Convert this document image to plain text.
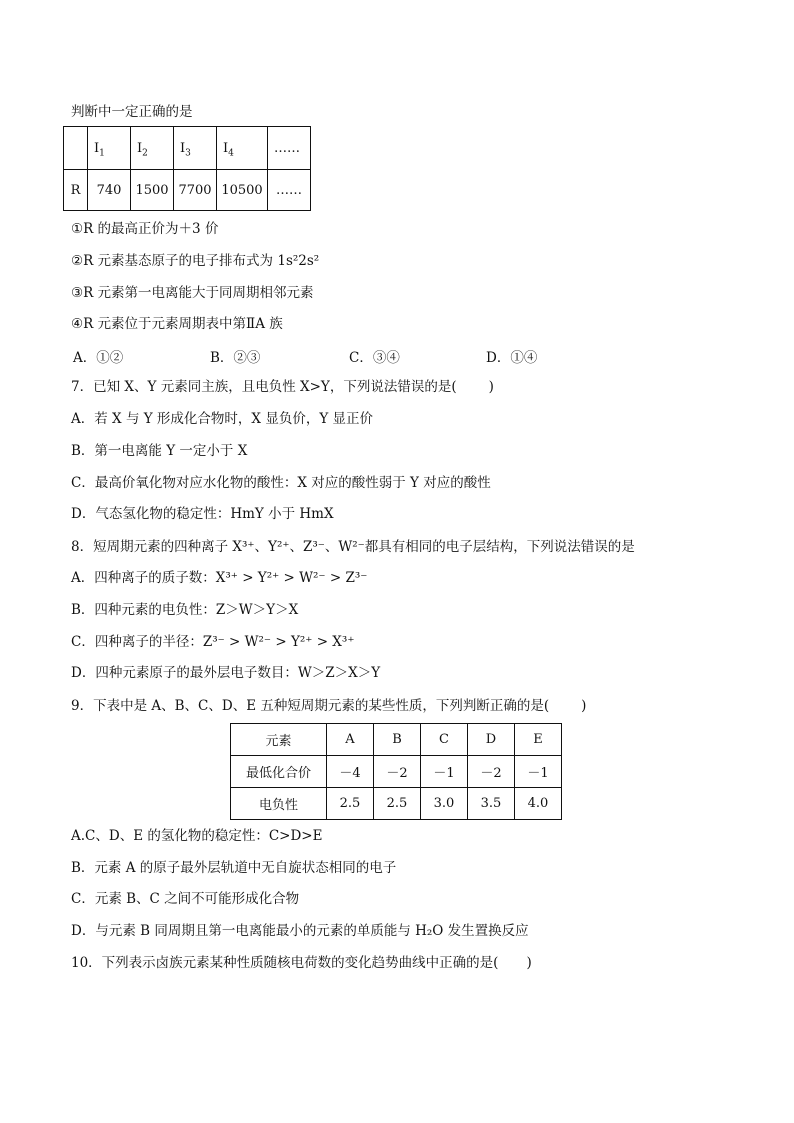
判断中一定正确的是
	$I_1$	$I_2$	$I_3$	$I_4$	……
R	740	1500	7700	10500	……
①R 的最高正价为＋3 价
②R 元素基态原子的电子排布式为 1s²2s²
③R 元素第一电离能大于同周期相邻元素
④R 元素位于元素周期表中第ⅡA 族
A．①②	B．②③	C．③④	D．①④
7．已知 X、Y 元素同主族，且电负性 X>Y，下列说法错误的是( )
A．若 X 与 Y 形成化合物时，X 显负价，Y 显正价
B．第一电离能 Y 一定小于 X
C．最高价氧化物对应水化物的酸性：X 对应的酸性弱于 Y 对应的酸性
D．气态氢化物的稳定性：HmY 小于 HmX
8．短周期元素的四种离子 X³⁺、Y²⁺、Z³⁻、W²⁻都具有相同的电子层结构，下列说法错误的是
A．四种离子的质子数：X³⁺ > Y²⁺ > W²⁻ > Z³⁻
B．四种元素的电负性：Z＞W＞Y＞X
C．四种离子的半径：Z³⁻ > W²⁻ > Y²⁺ > X³⁺
D．四种元素原子的最外层电子数目：W＞Z＞X＞Y
9．下表中是 A、B、C、D、E 五种短周期元素的某些性质，下列判断正确的是( )
元素	A	B	C	D	E
最低化合价	－4	－2	－1	－2	－1
电负性	2.5	2.5	3.0	3.5	4.0
A.C、D、E 的氢化物的稳定性：C>D>E
B．元素 A 的原子最外层轨道中无自旋状态相同的电子
C．元素 B、C 之间不可能形成化合物
D．与元素 B 同周期且第一电离能最小的元素的单质能与 H₂O 发生置换反应
10．下列表示卤族元素某种性质随核电荷数的变化趋势曲线中正确的是( )
